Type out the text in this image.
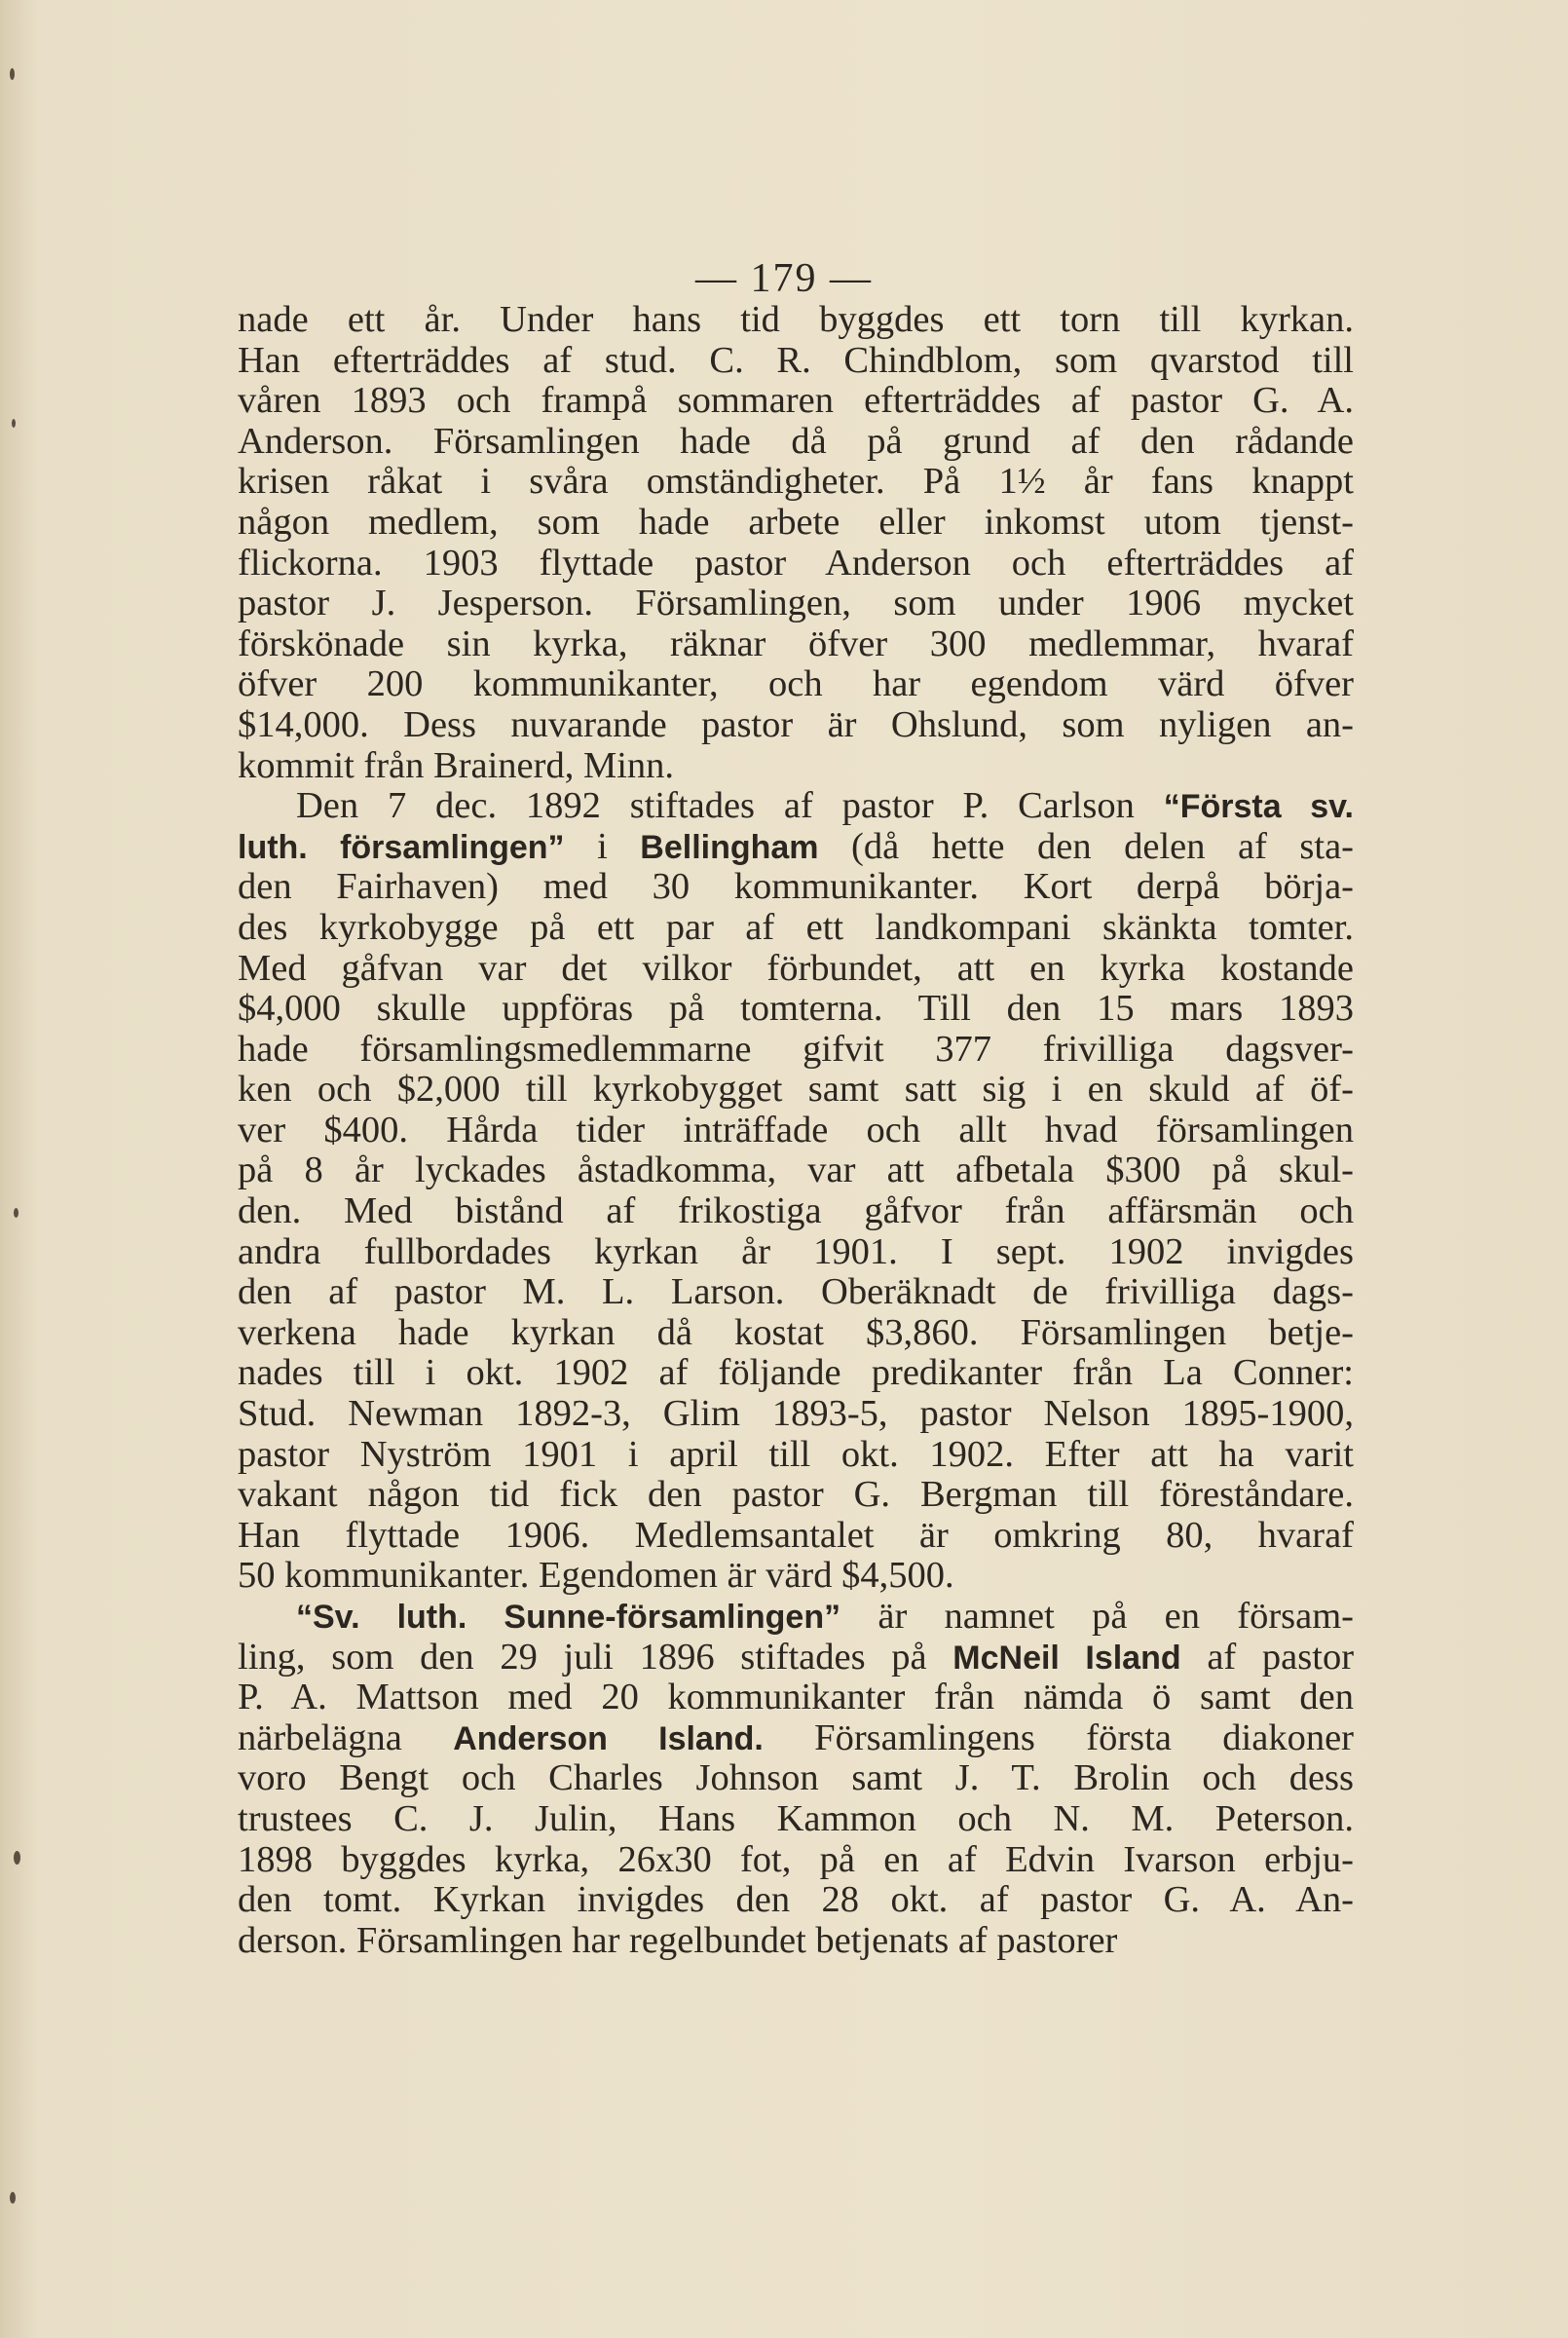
— 179 —
nade ett år. Under hans tid byggdes ett torn till kyrkan.
Han efterträddes af stud. C. R. Chindblom, som qvarstod till
våren 1893 och frampå sommaren efterträddes af pastor G. A.
Anderson. Församlingen hade då på grund af den rådande
krisen råkat i svåra omständigheter. På 1½ år fans knappt
någon medlem, som hade arbete eller inkomst utom tjenst-
flickorna. 1903 flyttade pastor Anderson och efterträddes af
pastor J. Jesperson. Församlingen, som under 1906 mycket
förskönade sin kyrka, räknar öfver 300 medlemmar, hvaraf
öfver 200 kommunikanter, och har egendom värd öfver
$14,000. Dess nuvarande pastor är Ohslund, som nyligen an-
kommit från Brainerd, Minn.
Den 7 dec. 1892 stiftades af pastor P. Carlson “Första sv.
luth. församlingen” i Bellingham (då hette den delen af sta-
den Fairhaven) med 30 kommunikanter. Kort derpå börja-
des kyrkobygge på ett par af ett landkompani skänkta tomter.
Med gåfvan var det vilkor förbundet, att en kyrka kostande
$4,000 skulle uppföras på tomterna. Till den 15 mars 1893
hade församlingsmedlemmarne gifvit 377 frivilliga dagsver-
ken och $2,000 till kyrkobygget samt satt sig i en skuld af öf-
ver $400. Hårda tider inträffade och allt hvad församlingen
på 8 år lyckades åstadkomma, var att afbetala $300 på skul-
den. Med bistånd af frikostiga gåfvor från affärsmän och
andra fullbordades kyrkan år 1901. I sept. 1902 invigdes
den af pastor M. L. Larson. Oberäknadt de frivilliga dags-
verkena hade kyrkan då kostat $3,860. Församlingen betje-
nades till i okt. 1902 af följande predikanter från La Conner:
Stud. Newman 1892-3, Glim 1893-5, pastor Nelson 1895-1900,
pastor Nyström 1901 i april till okt. 1902. Efter att ha varit
vakant någon tid fick den pastor G. Bergman till föreståndare.
Han flyttade 1906. Medlemsantalet är omkring 80, hvaraf
50 kommunikanter. Egendomen är värd $4,500.
“Sv. luth. Sunne-församlingen” är namnet på en försam-
ling, som den 29 juli 1896 stiftades på McNeil Island af pastor
P. A. Mattson med 20 kommunikanter från nämda ö samt den
närbelägna Anderson Island. Församlingens första diakoner
voro Bengt och Charles Johnson samt J. T. Brolin och dess
trustees C. J. Julin, Hans Kammon och N. M. Peterson.
1898 byggdes kyrka, 26x30 fot, på en af Edvin Ivarson erbju-
den tomt. Kyrkan invigdes den 28 okt. af pastor G. A. An-
derson. Församlingen har regelbundet betjenats af pastorer
